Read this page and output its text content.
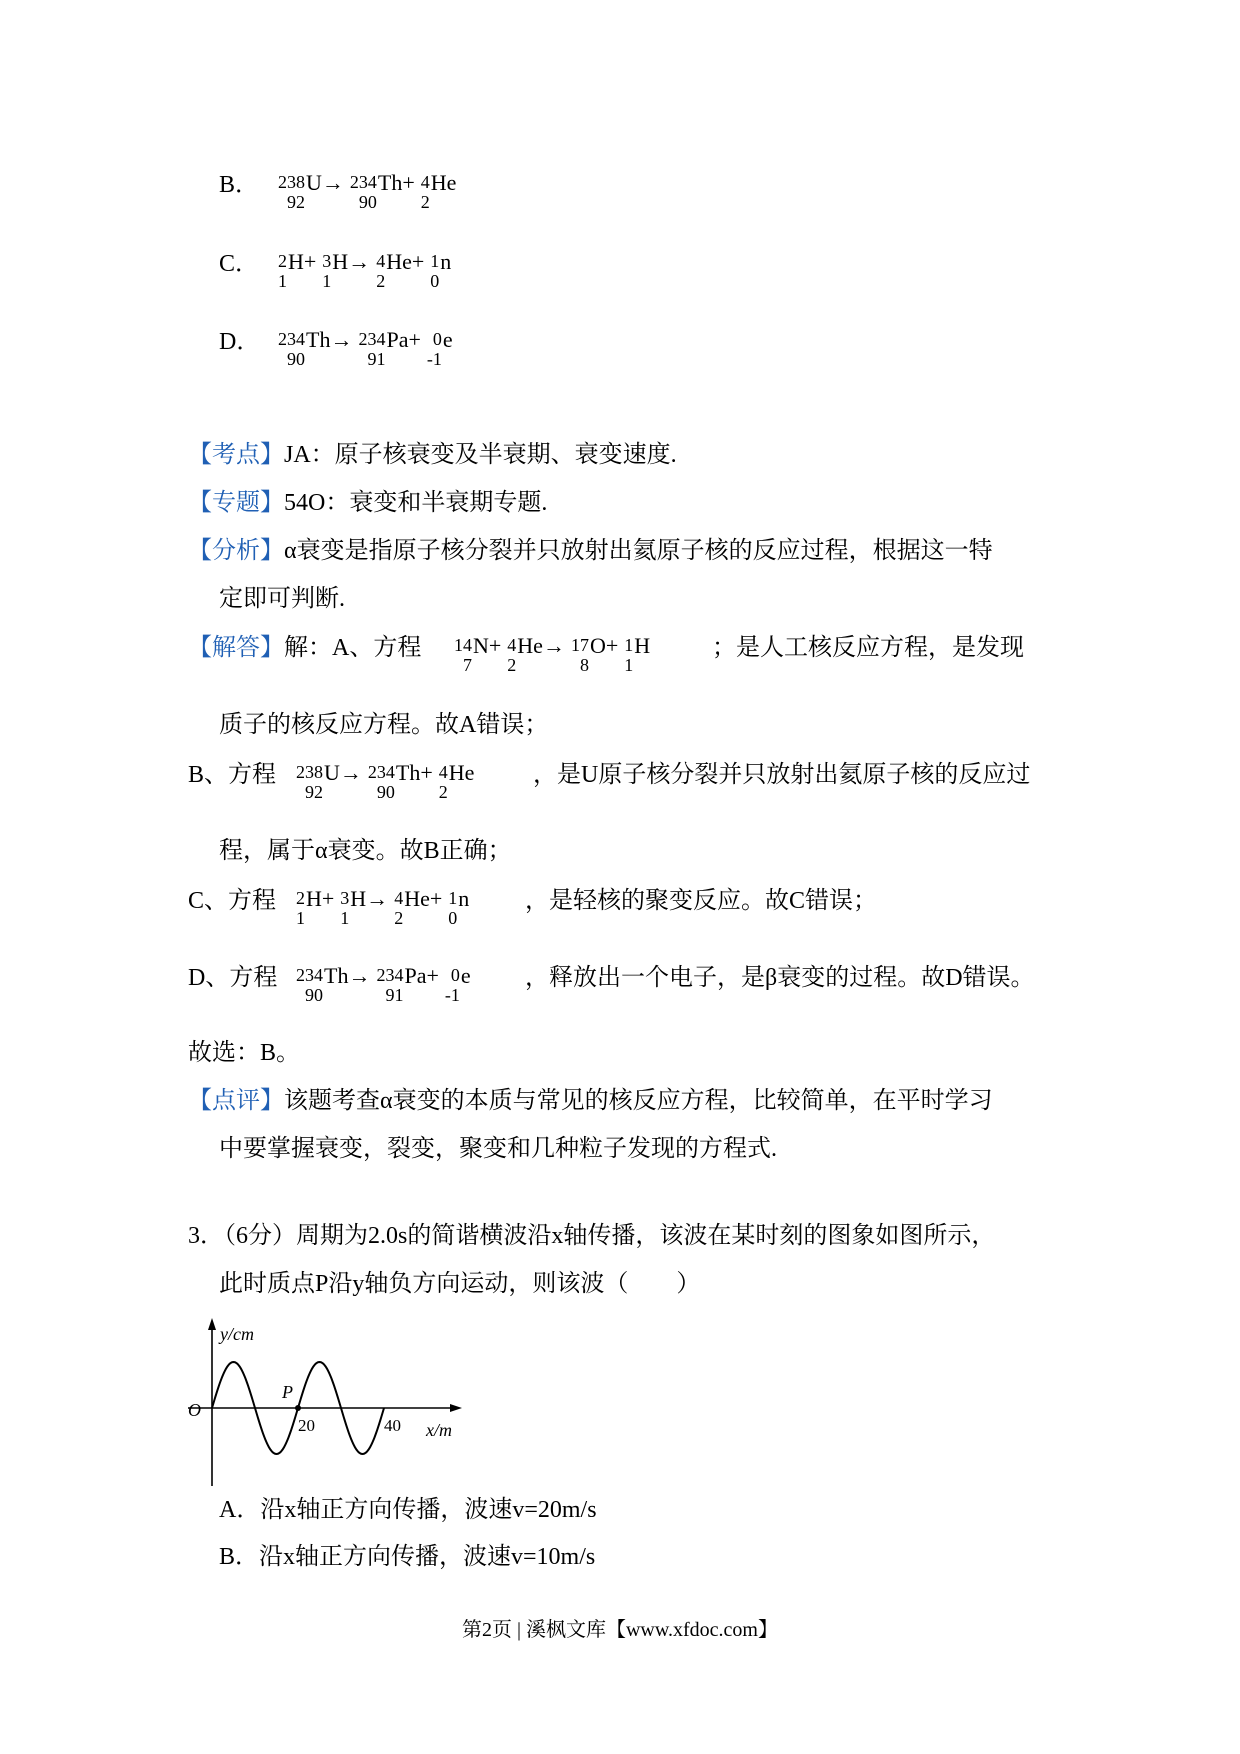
B． 238
92
U→ 234
90
Th+ 4
2
He
C． 2
1
H+ 3
1
H→ 4
2
He+ 1
0
n
D． 234
90
Th→ 234
91
Pa+ 0
-1
e
【考点】JA：原子核衰变及半衰期、衰变速度.
【专题】54O：衰变和半衰期专题.
【分析】α衰变是指原子核分裂并只放射出氦原子核的反应过程，根据这一特
定即可判断.
【解答】解：A、方程 14
7
N+ 4
2
He→ 17
8
O+ 1
1
H	；是人工核反应方程，是发现
质子的核反应方程。故A错误；
B、方程 238
92
U→ 234
90
Th+ 4
2
He ，是U原子核分裂并只放射出氦原子核的反应过
程，属于α衰变。故B正确；
C、方程 2
1
H+ 3
1
H→ 4
2
He+ 1
0
n ，是轻核的聚变反应。故C错误；
D、方程 234
90
Th→ 234
91
Pa+ 0
-1
e ，释放出一个电子，是β衰变的过程。故D错误。
故选：B。
【点评】该题考查α衰变的本质与常见的核反应方程，比较简单，在平时学习
中要掌握衰变，裂变，聚变和几种粒子发现的方程式.
3．（6分）周期为2.0s的简谐横波沿x轴传播，该波在某时刻的图象如图所示，
此时质点P沿y轴负方向运动，则该波（　　）
y/cm
O
P
20	40 x/m
A．沿x轴正方向传播，波速v=20m/s
B．沿x轴正方向传播，波速v=10m/s
第2页 | 溪枫文库【www.xfdoc.com】
